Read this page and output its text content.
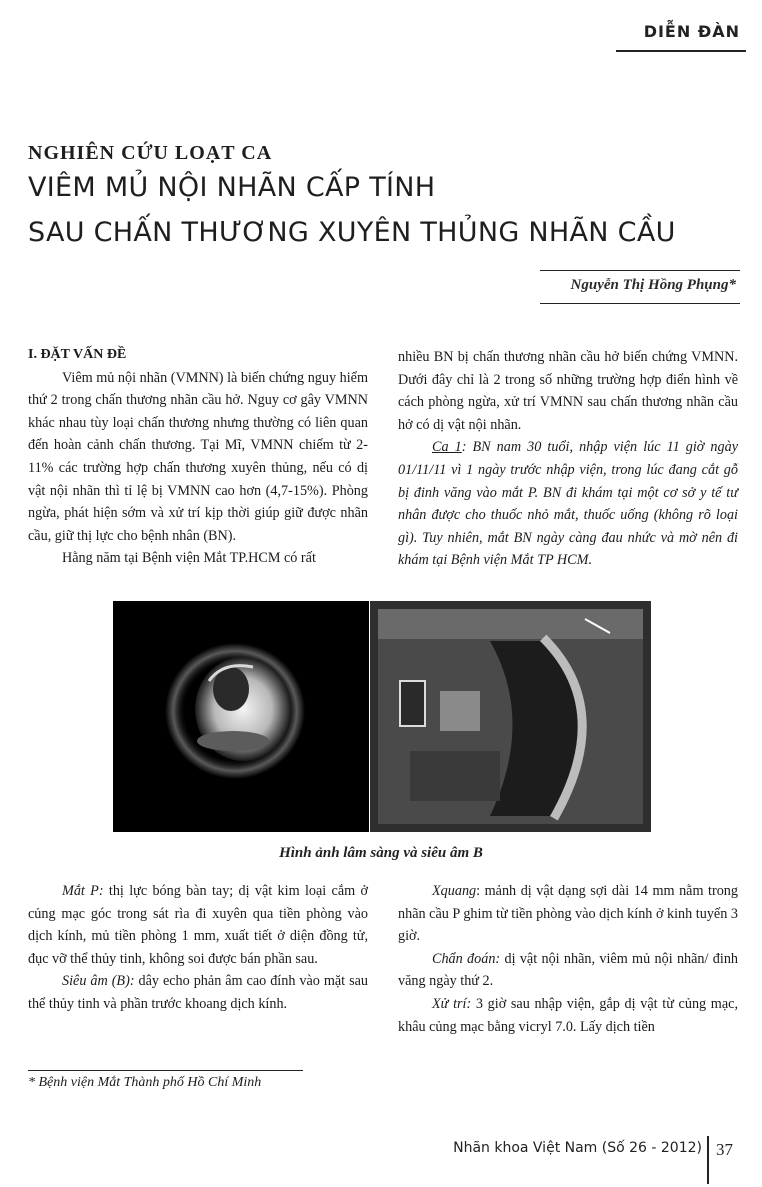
DIỄN ĐÀN
NGHIÊN CỨU LOẠT CA
VIÊM MỦ NỘI NHÃN CẤP TÍNH
SAU CHẤN THƯƠNG XUYÊN THỦNG NHÃN CẦU
Nguyễn Thị Hồng Phụng*

I. ĐẶT VẤN ĐỀ

Viêm mủ nội nhãn (VMNN) là biến chứng nguy hiểm thứ 2 trong chấn thương nhãn cầu hở. Nguy cơ gây VMNN khác nhau tùy loại chấn thương nhưng thường có liên quan đến hoàn cảnh chấn thương. Tại Mĩ, VMNN chiếm từ 2-11% các trường hợp chấn thương xuyên thủng, nếu có dị vật nội nhãn thì tỉ lệ bị VMNN cao hơn (4,7-15%). Phòng ngừa, phát hiện sớm và xử trí kịp thời giúp giữ được nhãn cầu, giữ thị lực cho bệnh nhân (BN).

Hằng năm tại Bệnh viện Mắt TP.HCM có rất

nhiều BN bị chấn thương nhãn cầu hở biến chứng VMNN. Dưới đây chỉ là 2 trong số những trường hợp điển hình về cách phòng ngừa, xử trí VMNN sau chấn thương nhãn cầu hở có dị vật nội nhãn.

Ca 1: BN nam 30 tuổi, nhập viện lúc 11 giờ ngày 01/11/11 vì 1 ngày trước nhập viện, trong lúc đang cắt gỗ bị đinh văng vào mắt P. BN đi khám tại một cơ sở y tế tư nhân được cho thuốc nhỏ mắt, thuốc uống (không rõ loại gì). Tuy nhiên, mắt BN ngày càng đau nhức và mờ nên đi khám tại Bệnh viện Mắt TP HCM.

Hình ảnh lâm sàng và siêu âm B

Mắt P: thị lực bóng bàn tay; dị vật kim loại cắm ở củng mạc góc trong sát rìa đi xuyên qua tiền phòng vào dịch kính, mủ tiền phòng 1 mm, xuất tiết ở diện đồng tử, đục vỡ thể thủy tinh, không soi được bán phần sau.

Siêu âm (B): dây echo phản âm cao đính vào mặt sau thể thủy tinh và phần trước khoang dịch kính.

Xquang: mảnh dị vật dạng sợi dài 14 mm nằm trong nhãn cầu P ghim từ tiền phòng vào dịch kính ở kinh tuyến 3 giờ.

Chẩn đoán: dị vật nội nhãn, viêm mủ nội nhãn/ đinh văng ngày thứ 2.

Xử trí: 3 giờ sau nhập viện, gắp dị vật từ củng mạc, khâu củng mạc bằng vicryl 7.0. Lấy dịch tiền

* Bệnh viện Mắt Thành phố Hồ Chí Minh
Nhãn khoa Việt Nam (Số 26 - 2012) 37
